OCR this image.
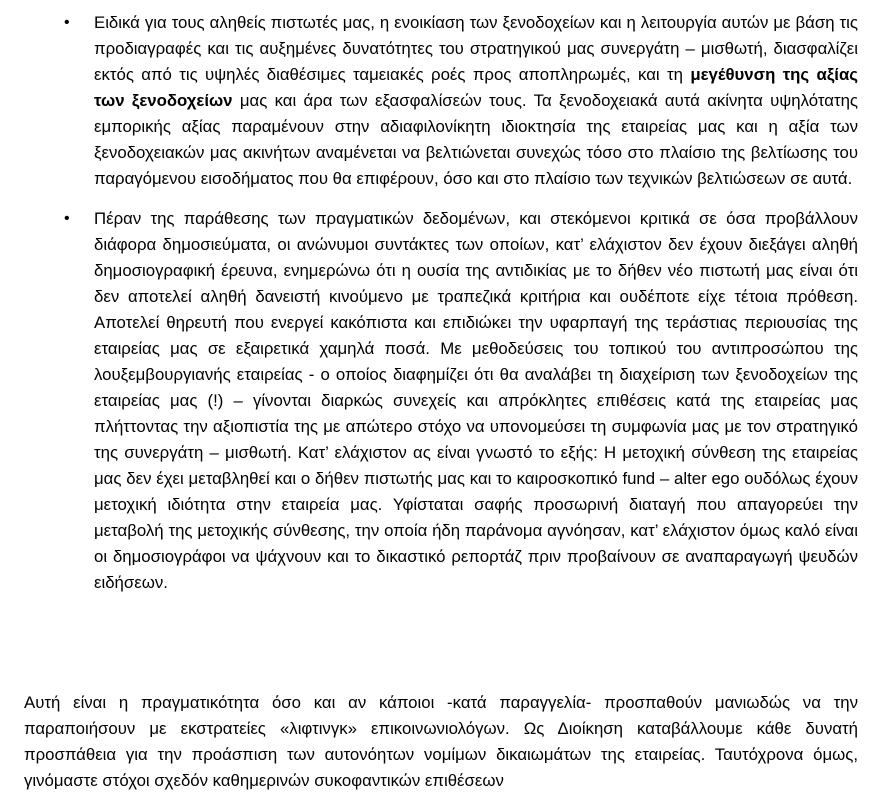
• Ειδικά για τους αληθείς πιστωτές μας, η ενοικίαση των ξενοδοχείων και η λειτουργία αυτών με βάση τις προδιαγραφές και τις αυξημένες δυνατότητες του στρατηγικού μας συνεργάτη – μισθωτή, διασφαλίζει εκτός από τις υψηλές διαθέσιμες ταμειακές ροές προς αποπληρωμές, και τη μεγέθυνση της αξίας των ξενοδοχείων μας και άρα των εξασφαλίσεών τους. Τα ξενοδοχειακά αυτά ακίνητα υψηλότατης εμπορικής αξίας παραμένουν στην αδιαφιλονίκητη ιδιοκτησία της εταιρείας μας και η αξία των ξενοδοχειακών μας ακινήτων αναμένεται να βελτιώνεται συνεχώς τόσο στο πλαίσιο της βελτίωσης του παραγόμενου εισοδήματος που θα επιφέρουν, όσο και στο πλαίσιο των τεχνικών βελτιώσεων σε αυτά.
• Πέραν της παράθεσης των πραγματικών δεδομένων, και στεκόμενοι κριτικά σε όσα προβάλλουν διάφορα δημοσιεύματα, οι ανώνυμοι συντάκτες των οποίων, κατ’ ελάχιστον δεν έχουν διεξάγει αληθή δημοσιογραφική έρευνα, ενημερώνω ότι η ουσία της αντιδικίας με το δήθεν νέο πιστωτή μας είναι ότι δεν αποτελεί αληθή δανειστή κινούμενο με τραπεζικά κριτήρια και ουδέποτε είχε τέτοια πρόθεση. Αποτελεί θηρευτή που ενεργεί κακόπιστα και επιδιώκει την υφαρπαγή της τεράστιας περιουσίας της εταιρείας μας σε εξαιρετικά χαμηλά ποσά. Με μεθοδεύσεις του τοπικού του αντιπροσώπου της λουξεμβουργιανής εταιρείας - ο οποίος διαφημίζει ότι θα αναλάβει τη διαχείριση των ξενοδοχείων της εταιρείας μας (!) – γίνονται διαρκώς συνεχείς και απρόκλητες επιθέσεις κατά της εταιρείας μας πλήττοντας την αξιοπιστία της με απώτερο στόχο να υπονομεύσει τη συμφωνία μας με τον στρατηγικό της συνεργάτη – μισθωτή. Κατ’ ελάχιστον ας είναι γνωστό το εξής: Η μετοχική σύνθεση της εταιρείας μας δεν έχει μεταβληθεί και ο δήθεν πιστωτής μας και το καιροσκοπικό fund – alter ego ουδόλως έχουν μετοχική ιδιότητα στην εταιρεία μας. Υφίσταται σαφής προσωρινή διαταγή που απαγορεύει την μεταβολή της μετοχικής σύνθεσης, την οποία ήδη παράνομα αγνόησαν, κατ’ ελάχιστον όμως καλό είναι οι δημοσιογράφοι να ψάχνουν και το δικαστικό ρεπορτάζ πριν προβαίνουν σε αναπαραγωγή ψευδών ειδήσεων.

Αυτή είναι η πραγματικότητα όσο και αν κάποιοι -κατά παραγγελία- προσπαθούν μανιωδώς να την παραποιήσουν με εκστρατείες «λιφτινγκ» επικοινωνιολόγων. Ως Διοίκηση καταβάλλουμε κάθε δυνατή προσπάθεια για την προάσπιση των αυτονόητων νομίμων δικαιωμάτων της εταιρείας. Ταυτόχρονα όμως, γινόμαστε στόχοι σχεδόν καθημερινών συκοφαντικών επιθέσεων
